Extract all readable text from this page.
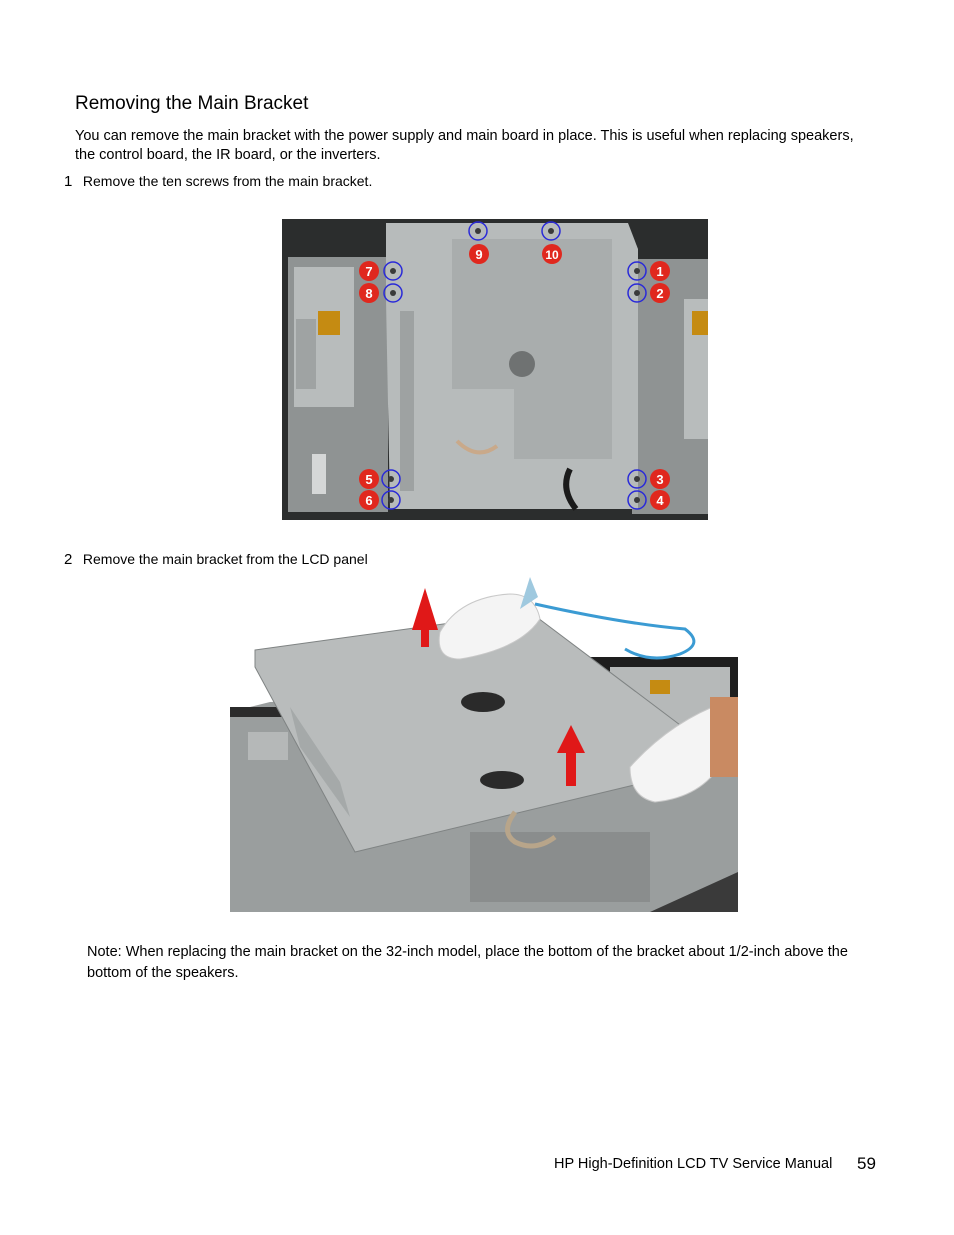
Removing the Main Bracket
You can remove the main bracket with the power supply and main board in place. This is useful when replacing speakers, the control board, the IR board, or the inverters.
1 Remove the ten screws from the main bracket.
9	10
7
8
1
2
5
6
3
4
2 Remove the main bracket from the LCD panel
Note: When replacing the main bracket on the 32-inch model, place the bottom of the bracket about 1/2-inch above the bottom of the speakers.
HP High-Definition LCD TV Service Manual 59
